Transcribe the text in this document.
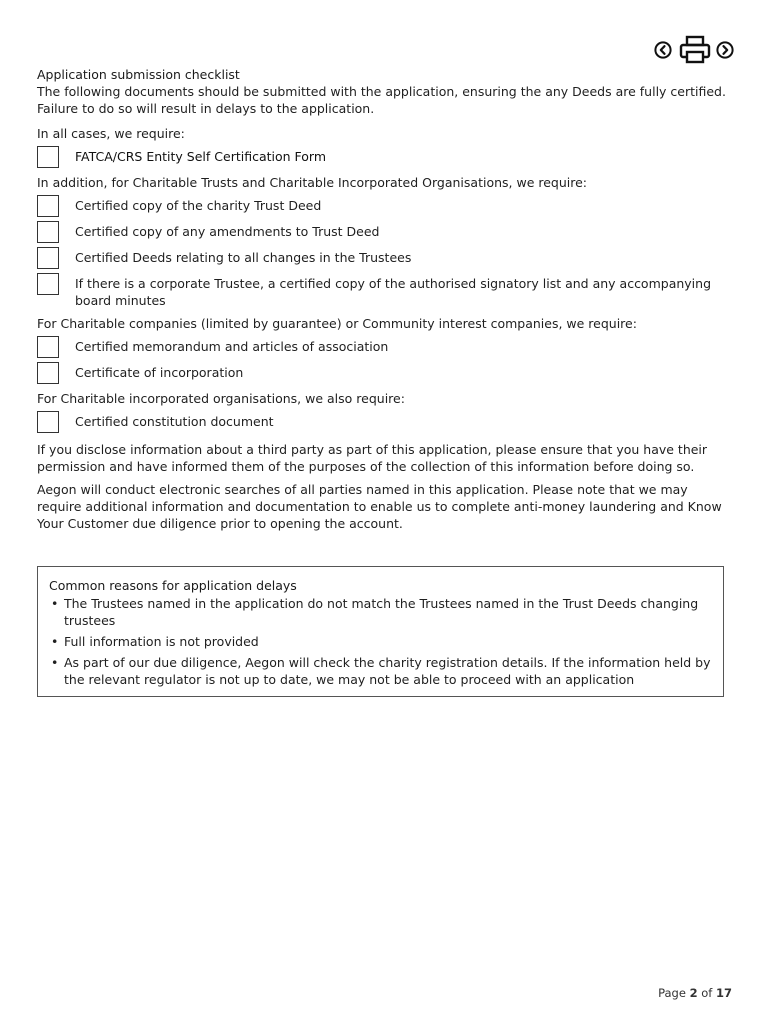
Application submission checklist
The following documents should be submitted with the application, ensuring the any Deeds are fully certified.
Failure to do so will result in delays to the application.
In all cases, we require:
FATCA/CRS Entity Self Certification Form
In addition, for Charitable Trusts and Charitable Incorporated Organisations, we require:
Certified copy of the charity Trust Deed
Certified copy of any amendments to Trust Deed
Certified Deeds relating to all changes in the Trustees
If there is a corporate Trustee, a certified copy of the authorised signatory list and any accompanying board minutes
For Charitable companies (limited by guarantee) or Community interest companies, we require:
Certified memorandum and articles of association
Certificate of incorporation
For Charitable incorporated organisations, we also require:
Certified constitution document
If you disclose information about a third party as part of this application, please ensure that you have their permission and have informed them of the purposes of the collection of this information before doing so.
Aegon will conduct electronic searches of all parties named in this application. Please note that we may require additional information and documentation to enable us to complete anti-money laundering and Know Your Customer due diligence prior to opening the account.
Common reasons for application delays
• The Trustees named in the application do not match the Trustees named in the Trust Deeds changing trustees
• Full information is not provided
• As part of our due diligence, Aegon will check the charity registration details. If the information held by the relevant regulator is not up to date, we may not be able to proceed with an application
Page 2 of 17
